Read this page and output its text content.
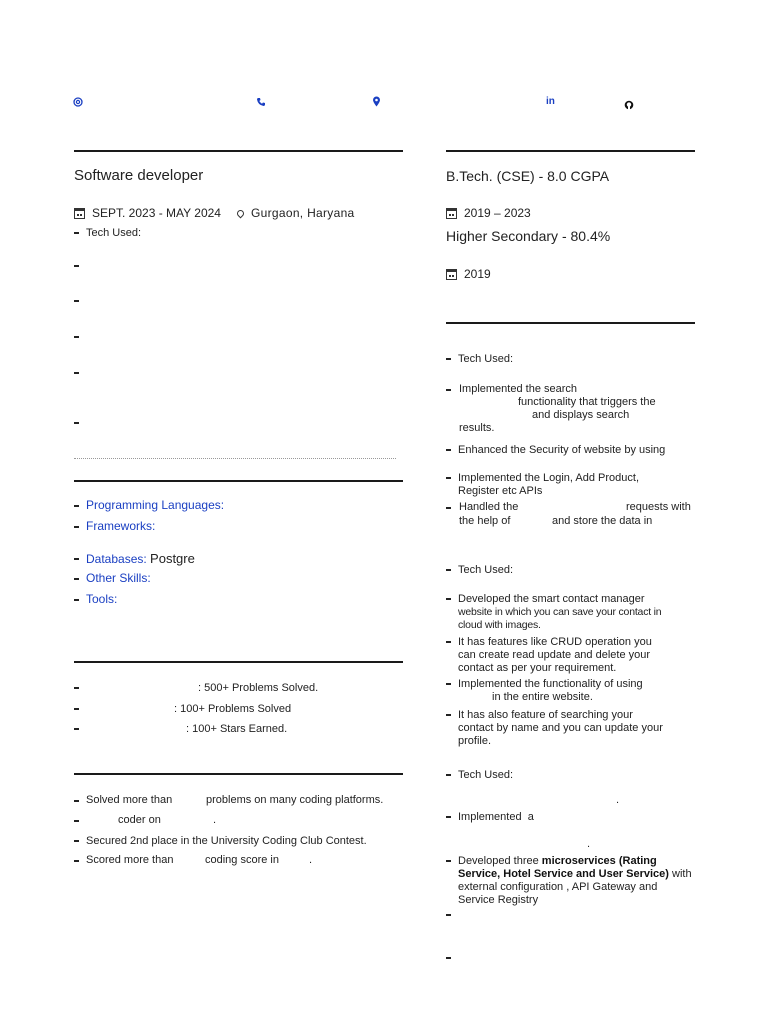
in
Software developer
SEPT. 2023 - MAY 2024	Gurgaon, Haryana
Tech Used:
Programming Languages:
Frameworks:
Databases: Postgre
Other Skills:
Tools:
: 500+ Problems Solved.
: 100+ Problems Solved
: 100+ Stars Earned.
Solved more than	problems on many coding platforms.
coder on	.
Secured 2nd place in the University Coding Club Contest.
Scored more than	coding score in	.
B.Tech. (CSE) - 8.0 CGPA
2019 – 2023
Higher Secondary - 80.4%
2019
Tech Used:
Implemented the search
functionality that triggers the
and displays search
results.
Enhanced the Security of website by using
Implemented the Login, Add Product,
Register etc APIs
Handled the	requests with
the help of	and store the data in
Tech Used:
Developed the smart contact manager
website in which you can save your contact in
cloud with images.
It has features like CRUD operation you
can create read update and delete your
contact as per your requirement.
Implemented the functionality of using
in the entire website.
It has also feature of searching your
contact by name and you can update your
profile.
Tech Used:
.
Implemented  a
.
Developed three microservices (Rating
Service, Hotel Service and User Service) with
external configuration , API Gateway and
Service Registry
